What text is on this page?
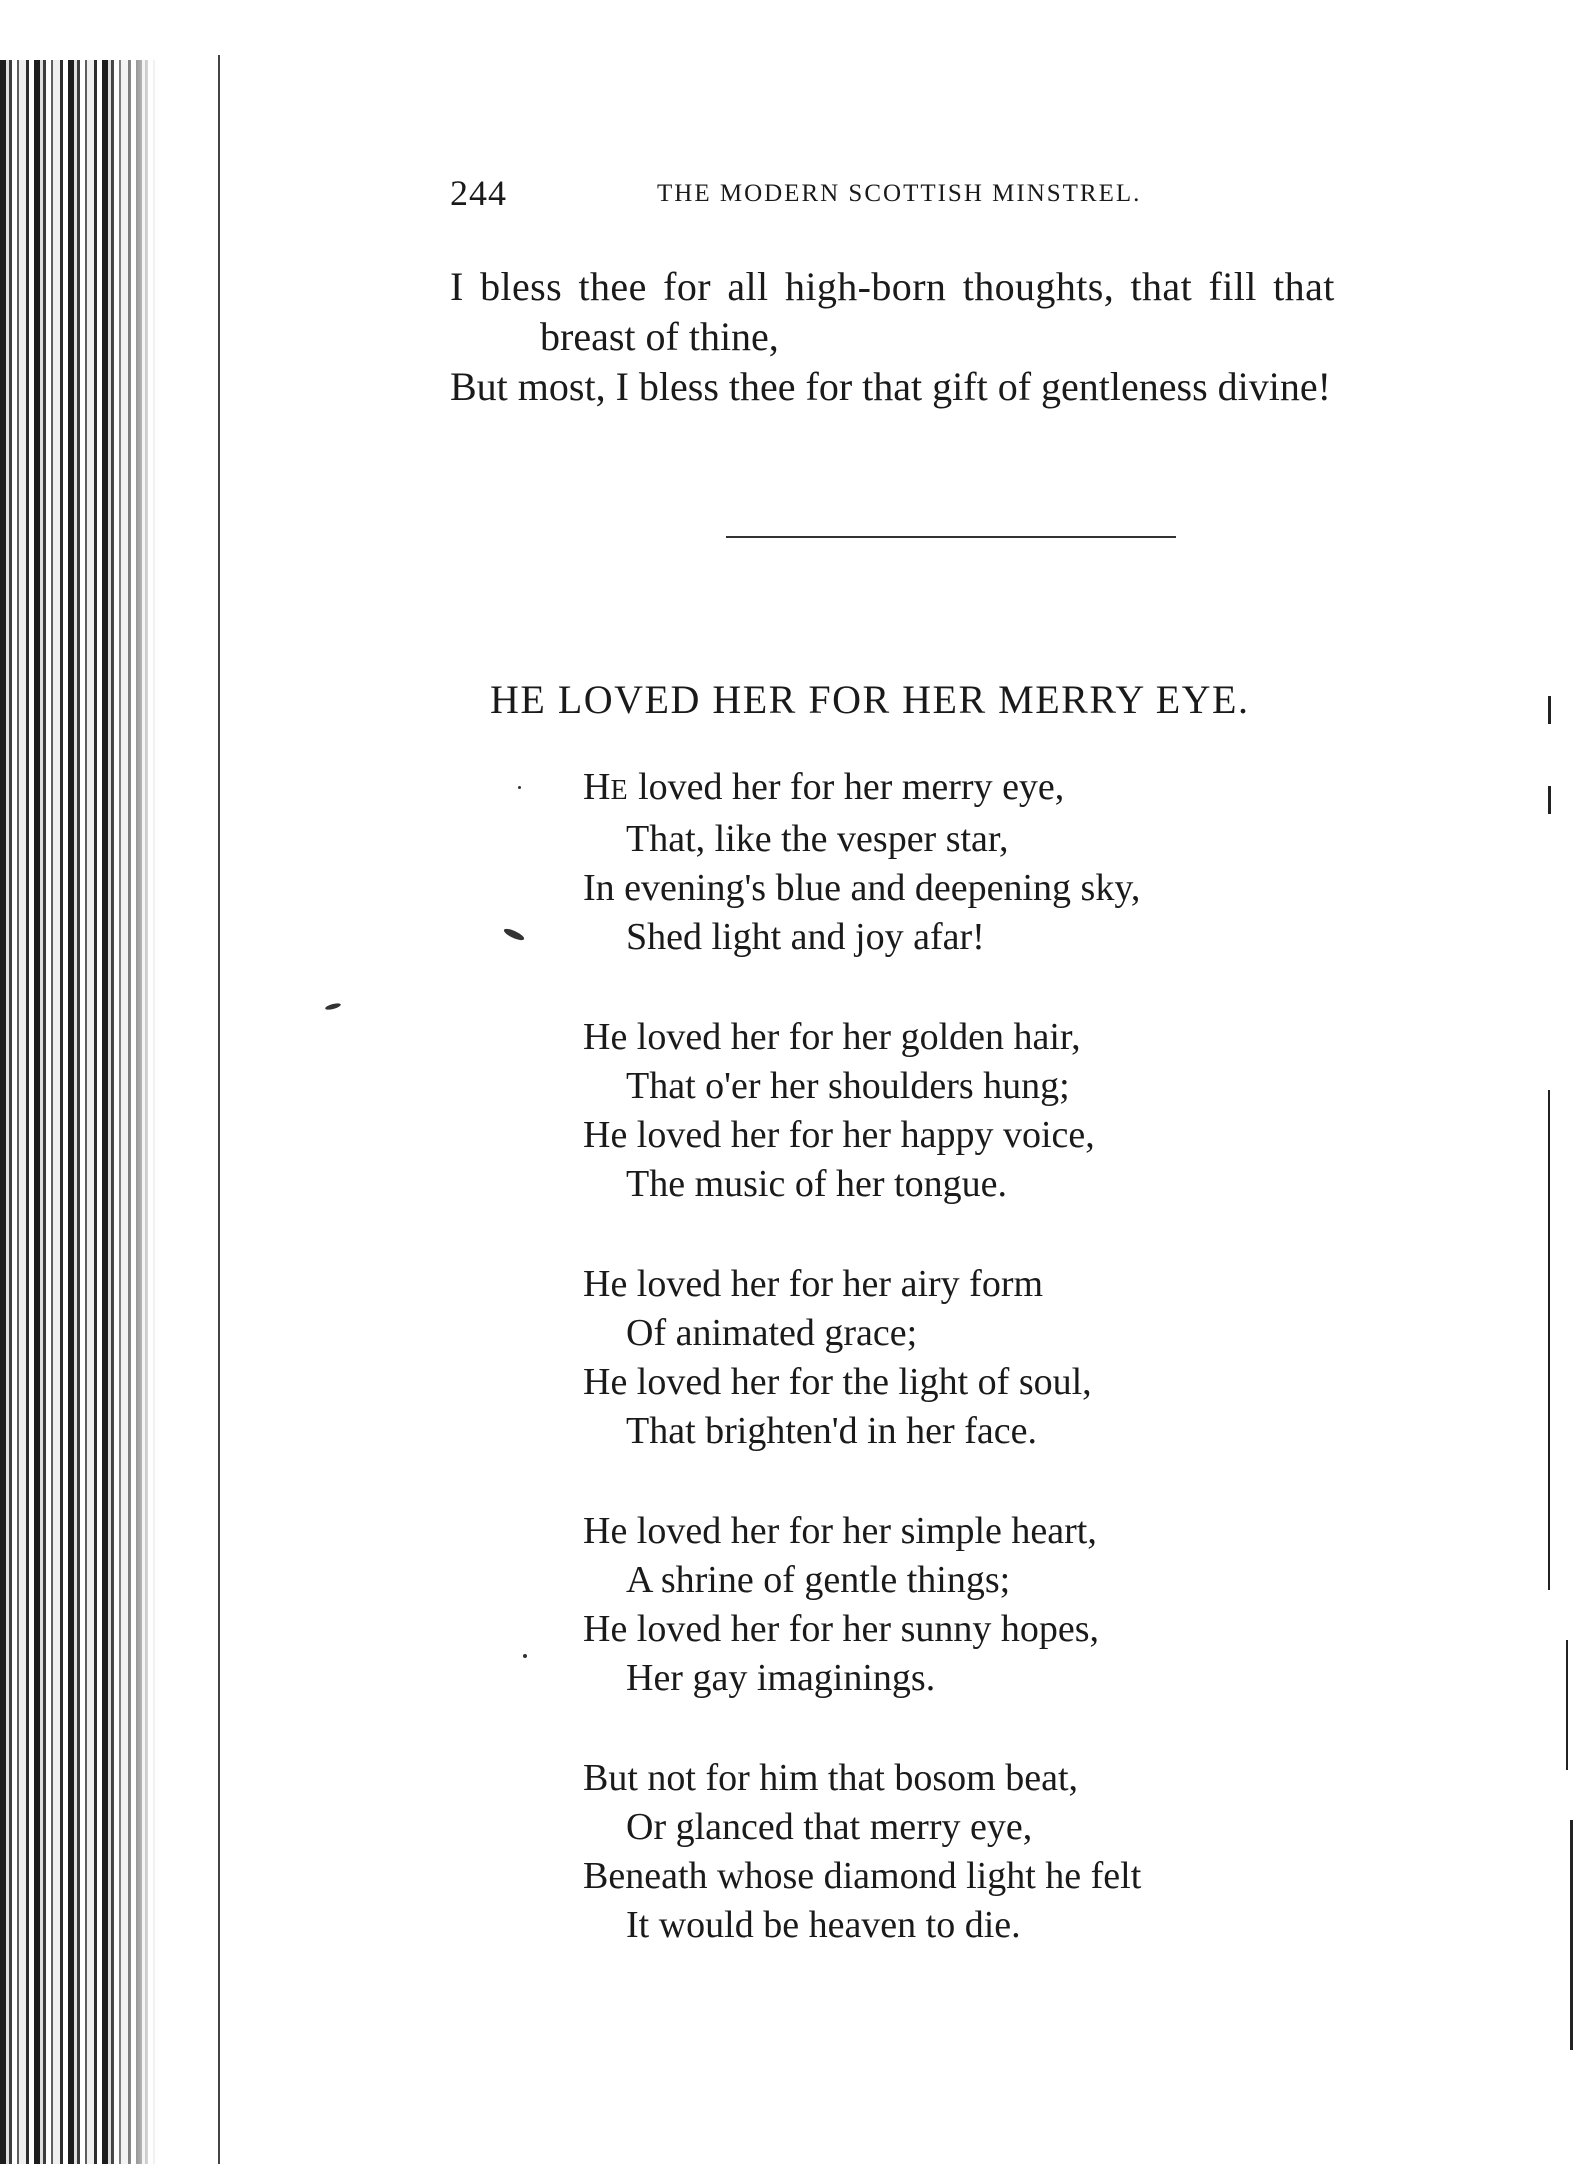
244	THE MODERN SCOTTISH MINSTREL.
I bless thee for all high-born thoughts, that fill that
breast of thine,
But most, I bless thee for that gift of gentleness divine!
HE LOVED HER FOR HER MERRY EYE.
HE loved her for her merry eye,
That, like the vesper star,
In evening's blue and deepening sky,
Shed light and joy afar!
He loved her for her golden hair,
That o'er her shoulders hung;
He loved her for her happy voice,
The music of her tongue.
He loved her for her airy form
Of animated grace;
He loved her for the light of soul,
That brighten'd in her face.
He loved her for her simple heart,
A shrine of gentle things;
He loved her for her sunny hopes,
Her gay imaginings.
But not for him that bosom beat,
Or glanced that merry eye,
Beneath whose diamond light he felt
It would be heaven to die.
